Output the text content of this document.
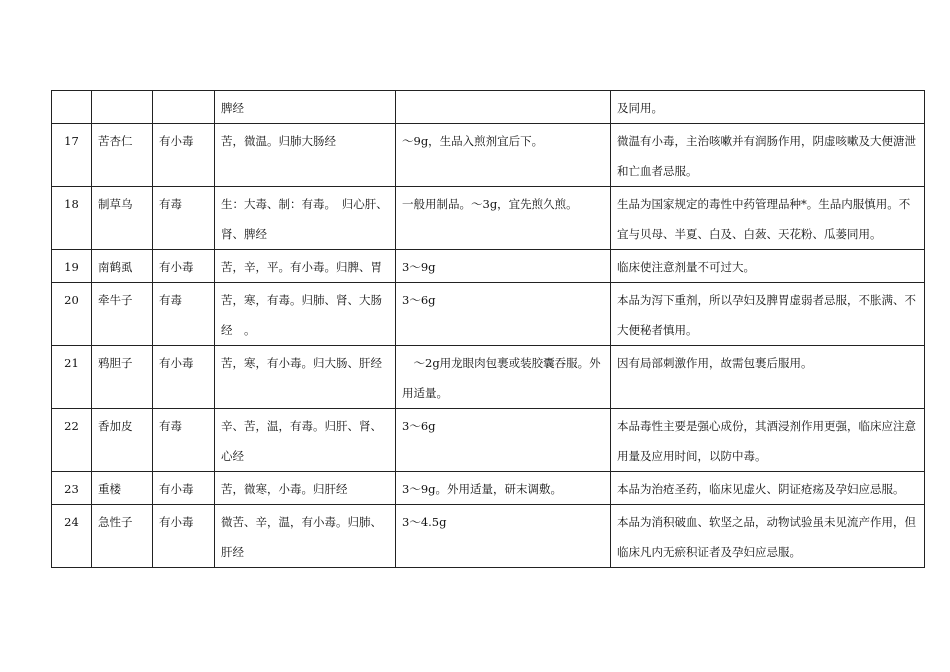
			脾经		及同用。
17	苦杏仁	有小毒	苦，微温。归肺大肠经	～9g，生品入煎剂宜后下。	微温有小毒，主治咳嗽并有润肠作用，阴虚咳嗽及大便溏泄和亡血者忌服。
18	制草乌	有毒	生：大毒、制：有毒。　归心肝、肾、脾经	一般用制品。～3g，宜先煎久煎。	生品为国家规定的毒性中药管理品种*。生品内服慎用。不宜与贝母、半夏、白及、白蔹、天花粉、瓜蒌同用。
19	南鹤虱	有小毒	苦，辛，平。有小毒。归脾、胃	3～9g	临床使注意剂量不可过大。
20	牵牛子	有毒	苦，寒，有毒。归肺、肾、大肠经　。	3～6g	本品为泻下重剂，所以孕妇及脾胃虚弱者忌服，不胀满、不大便秘者慎用。
21	鸦胆子	有小毒	苦，寒，有小毒。归大肠、肝经	　～2g用龙眼肉包裹或装胶囊吞服。外用适量。	因有局部刺激作用，故需包裹后服用。
22	香加皮	有毒	辛、苦，温，有毒。归肝、肾、心经	3～6g	本品毒性主要是强心成份，其酒浸剂作用更强，临床应注意用量及应用时间，以防中毒。
23	重楼	有小毒	苦，微寒，小毒。归肝经	3～9g。外用适量，研末调敷。	本品为治疮圣药，临床见虚火、阴证疮疡及孕妇应忌服。
24	急性子	有小毒	微苦、辛，温，有小毒。归肺、肝经	3～4.5g	本品为消积破血、软坚之品，动物试验虽未见流产作用，但临床凡内无瘀积证者及孕妇应忌服。
